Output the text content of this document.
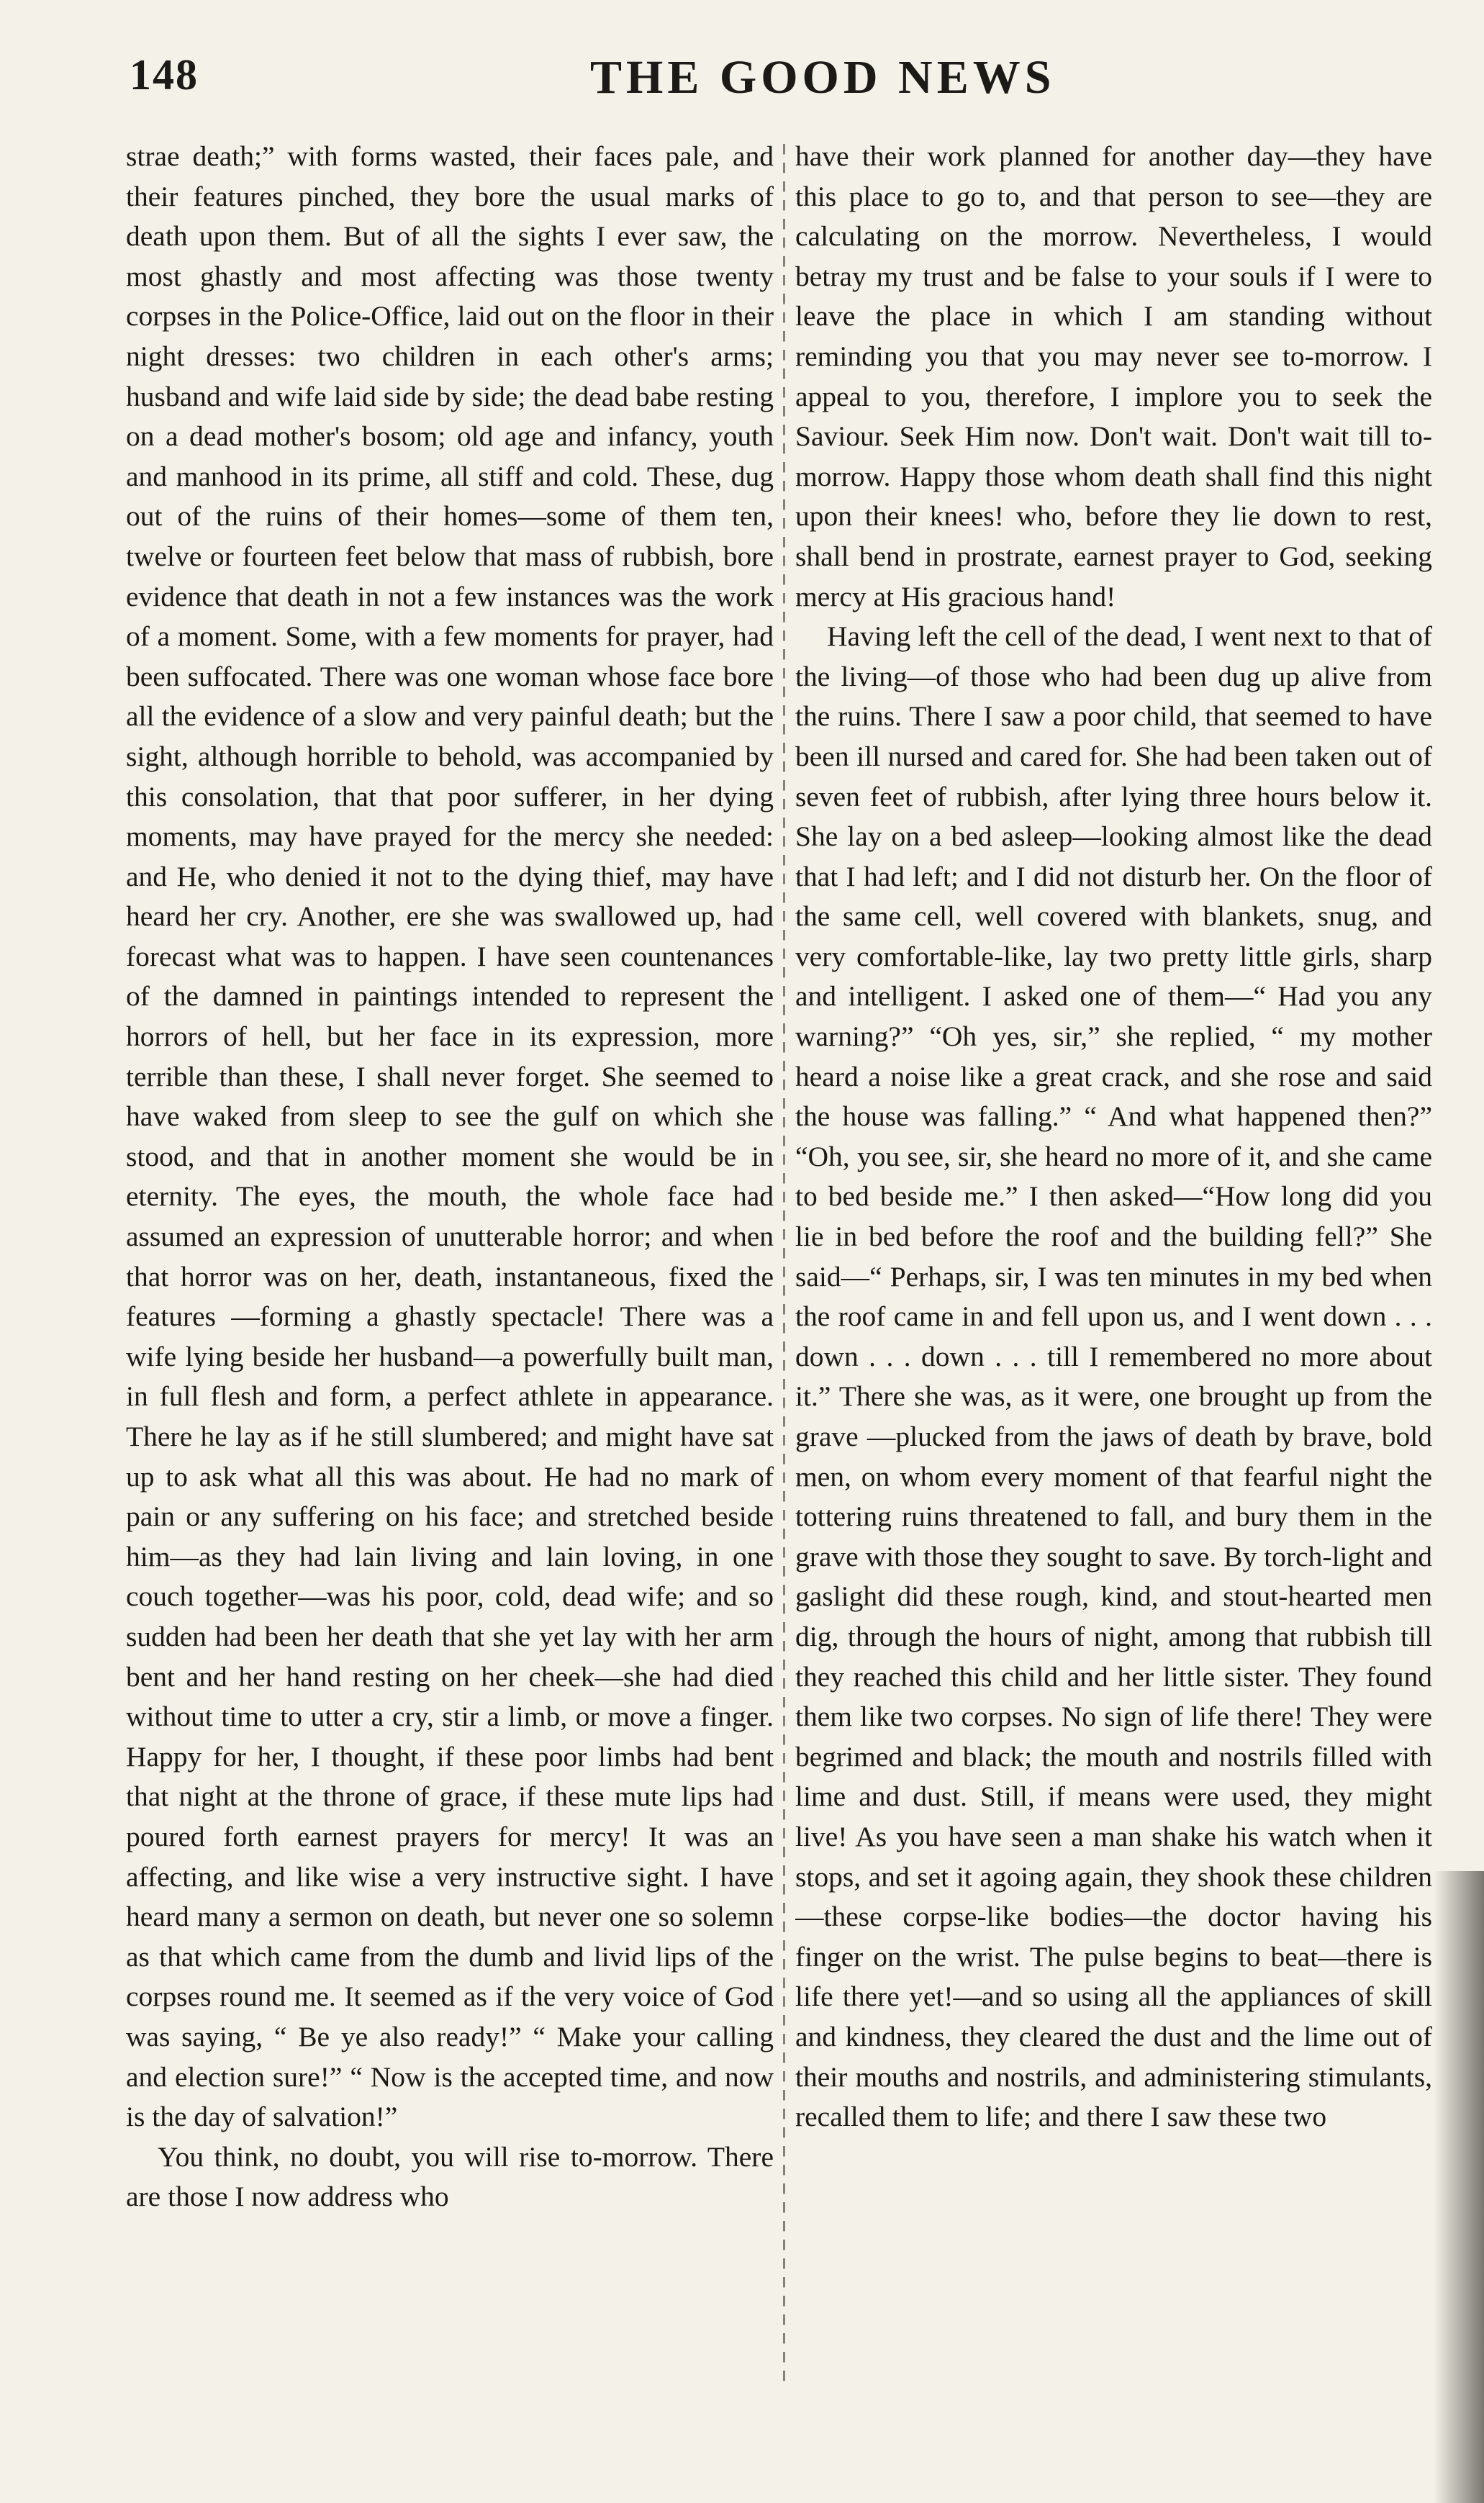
148	THE GOOD NEWS

strae death;” with forms wasted, their faces pale, and their features pinched, they bore the usual marks of death upon them. But of all the sights I ever saw, the most ghastly and most affecting was those twenty corpses in the Police-Office, laid out on the floor in their night dresses: two children in each other's arms; husband and wife laid side by side; the dead babe resting on a dead mother's bosom; old age and infancy, youth and manhood in its prime, all stiff and cold. These, dug out of the ruins of their homes—some of them ten, twelve or fourteen feet below that mass of rubbish, bore evidence that death in not a few instances was the work of a moment. Some, with a few moments for prayer, had been suffocated. There was one woman whose face bore all the evidence of a slow and very painful death; but the sight, although horrible to behold, was accompanied by this consolation, that that poor sufferer, in her dying moments, may have prayed for the mercy she needed: and He, who denied it not to the dying thief, may have heard her cry. Another, ere she was swallowed up, had forecast what was to happen. I have seen countenances of the damned in paintings intended to represent the horrors of hell, but her face in its expression, more terrible than these, I shall never forget. She seemed to have waked from sleep to see the gulf on which she stood, and that in another moment she would be in eternity. The eyes, the mouth, the whole face had assumed an expression of unutterable horror; and when that horror was on her, death, instantaneous, fixed the features —forming a ghastly spectacle! There was a wife lying beside her husband—a powerfully built man, in full flesh and form, a perfect athlete in appearance. There he lay as if he still slumbered; and might have sat up to ask what all this was about. He had no mark of pain or any suffering on his face; and stretched beside him—as they had lain living and lain loving, in one couch together—was his poor, cold, dead wife; and so sudden had been her death that she yet lay with her arm bent and her hand resting on her cheek—she had died without time to utter a cry, stir a limb, or move a finger. Happy for her, I thought, if these poor limbs had bent that night at the throne of grace, if these mute lips had poured forth earnest prayers for mercy! It was an affecting, and like wise a very instructive sight. I have heard many a sermon on death, but never one so solemn as that which came from the dumb and livid lips of the corpses round me. It seemed as if the very voice of God was saying, “ Be ye also ready!” “ Make your calling and election sure!” “ Now is the accepted time, and now is the day of salvation!”

You think, no doubt, you will rise to-morrow. There are those I now address who

have their work planned for another day—they have this place to go to, and that person to see—they are calculating on the morrow. Nevertheless, I would betray my trust and be false to your souls if I were to leave the place in which I am standing without reminding you that you may never see to-morrow. I appeal to you, therefore, I implore you to seek the Saviour. Seek Him now. Don't wait. Don't wait till to-morrow. Happy those whom death shall find this night upon their knees! who, before they lie down to rest, shall bend in prostrate, earnest prayer to God, seeking mercy at His gracious hand!

Having left the cell of the dead, I went next to that of the living—of those who had been dug up alive from the ruins. There I saw a poor child, that seemed to have been ill nursed and cared for. She had been taken out of seven feet of rubbish, after lying three hours below it. She lay on a bed asleep—looking almost like the dead that I had left; and I did not disturb her. On the floor of the same cell, well covered with blankets, snug, and very comfortable-like, lay two pretty little girls, sharp and intelligent. I asked one of them—“ Had you any warning?” “Oh yes, sir,” she replied, “ my mother heard a noise like a great crack, and she rose and said the house was falling.” “ And what happened then?” “Oh, you see, sir, she heard no more of it, and she came to bed beside me.” I then asked—“How long did you lie in bed before the roof and the building fell?” She said—“ Perhaps, sir, I was ten minutes in my bed when the roof came in and fell upon us, and I went down . . . down . . . down . . . till I remembered no more about it.” There she was, as it were, one brought up from the grave —plucked from the jaws of death by brave, bold men, on whom every moment of that fearful night the tottering ruins threatened to fall, and bury them in the grave with those they sought to save. By torch-light and gaslight did these rough, kind, and stout-hearted men dig, through the hours of night, among that rubbish till they reached this child and her little sister. They found them like two corpses. No sign of life there! They were begrimed and black; the mouth and nostrils filled with lime and dust. Still, if means were used, they might live! As you have seen a man shake his watch when it stops, and set it agoing again, they shook these children—these corpse-like bodies—the doctor having his finger on the wrist. The pulse begins to beat—there is life there yet!—and so using all the appliances of skill and kindness, they cleared the dust and the lime out of their mouths and nostrils, and administering stimulants, recalled them to life; and there I saw these two
